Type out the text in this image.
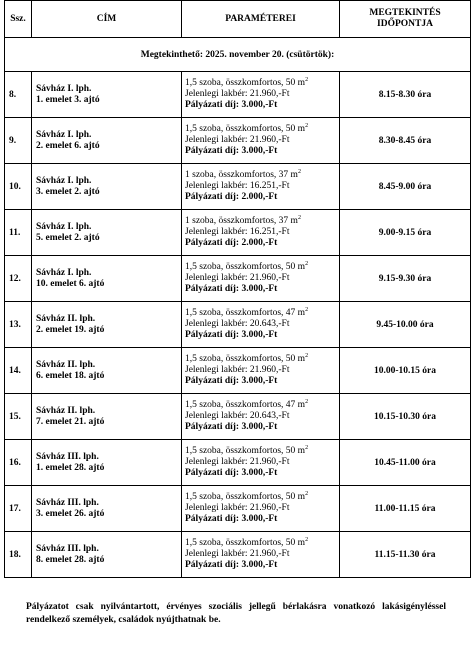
Ssz.	CÍM	PARAMÉTEREI	MEGTEKINTÉS
IDŐPONTJA
Megtekinthető: 2025. november 20. (csütörtök):			
8.	Sávház I. lph.
1. emelet 3. ajtó	1,5 szoba, összkomfortos, 50 $m^2$
Jelenlegi lakbér: 21.960,-Ft
Pályázati díj: 3.000,-Ft	8.15-8.30 óra
9.	Sávház I. lph.
2. emelet 6. ajtó	1,5 szoba, összkomfortos, 50 $m^2$
Jelenlegi lakbér: 21.960,-Ft
Pályázati díj: 3.000,-Ft	8.30-8.45 óra
10.	Sávház I. lph.
3. emelet 2. ajtó	1 szoba, összkomfortos, 37 $m^2$
Jelenlegi lakbér: 16.251,-Ft
Pályázati díj: 2.000,-Ft	8.45-9.00 óra
11.	Sávház I. lph.
5. emelet 2. ajtó	1 szoba, összkomfortos, 37 $m^2$
Jelenlegi lakbér: 16.251,-Ft
Pályázati díj: 2.000,-Ft	9.00-9.15 óra
12.	Sávház I. lph.
10. emelet 6. ajtó	1,5 szoba, összkomfortos, 50 $m^2$
Jelenlegi lakbér: 21.960,-Ft
Pályázati díj: 3.000,-Ft	9.15-9.30 óra
13.	Sávház II. lph.
2. emelet 19. ajtó	1,5 szoba, összkomfortos, 47 $m^2$
Jelenlegi lakbér: 20.643,-Ft
Pályázati díj: 3.000,-Ft	9.45-10.00 óra
14.	Sávház II. lph.
6. emelet 18. ajtó	1,5 szoba, összkomfortos, 50 $m^2$
Jelenlegi lakbér: 21.960,-Ft
Pályázati díj: 3.000,-Ft	10.00-10.15 óra
15.	Sávház II. lph.
7. emelet 21. ajtó	1,5 szoba, összkomfortos, 47 $m^2$
Jelenlegi lakbér: 20.643,-Ft
Pályázati díj: 3.000,-Ft	10.15-10.30 óra
16.	Sávház III. lph.
1. emelet 28. ajtó	1,5 szoba, összkomfortos, 50 $m^2$
Jelenlegi lakbér: 21.960,-Ft
Pályázati díj: 3.000,-Ft	10.45-11.00 óra
17.	Sávház III. lph.
3. emelet 26. ajtó	1,5 szoba, összkomfortos, 50 $m^2$
Jelenlegi lakbér: 21.960,-Ft
Pályázati díj: 3.000,-Ft	11.00-11.15 óra
18.	Sávház III. lph.
8. emelet 28. ajtó	1,5 szoba, összkomfortos, 50 $m^2$
Jelenlegi lakbér: 21.960,-Ft
Pályázati díj: 3.000,-Ft	11.15-11.30 óra
Pályázatot csak nyilvántartott, érvényes szociális jellegű bérlakásra vonatkozó lakásigényléssel rendelkező személyek, családok nyújthatnak be.
